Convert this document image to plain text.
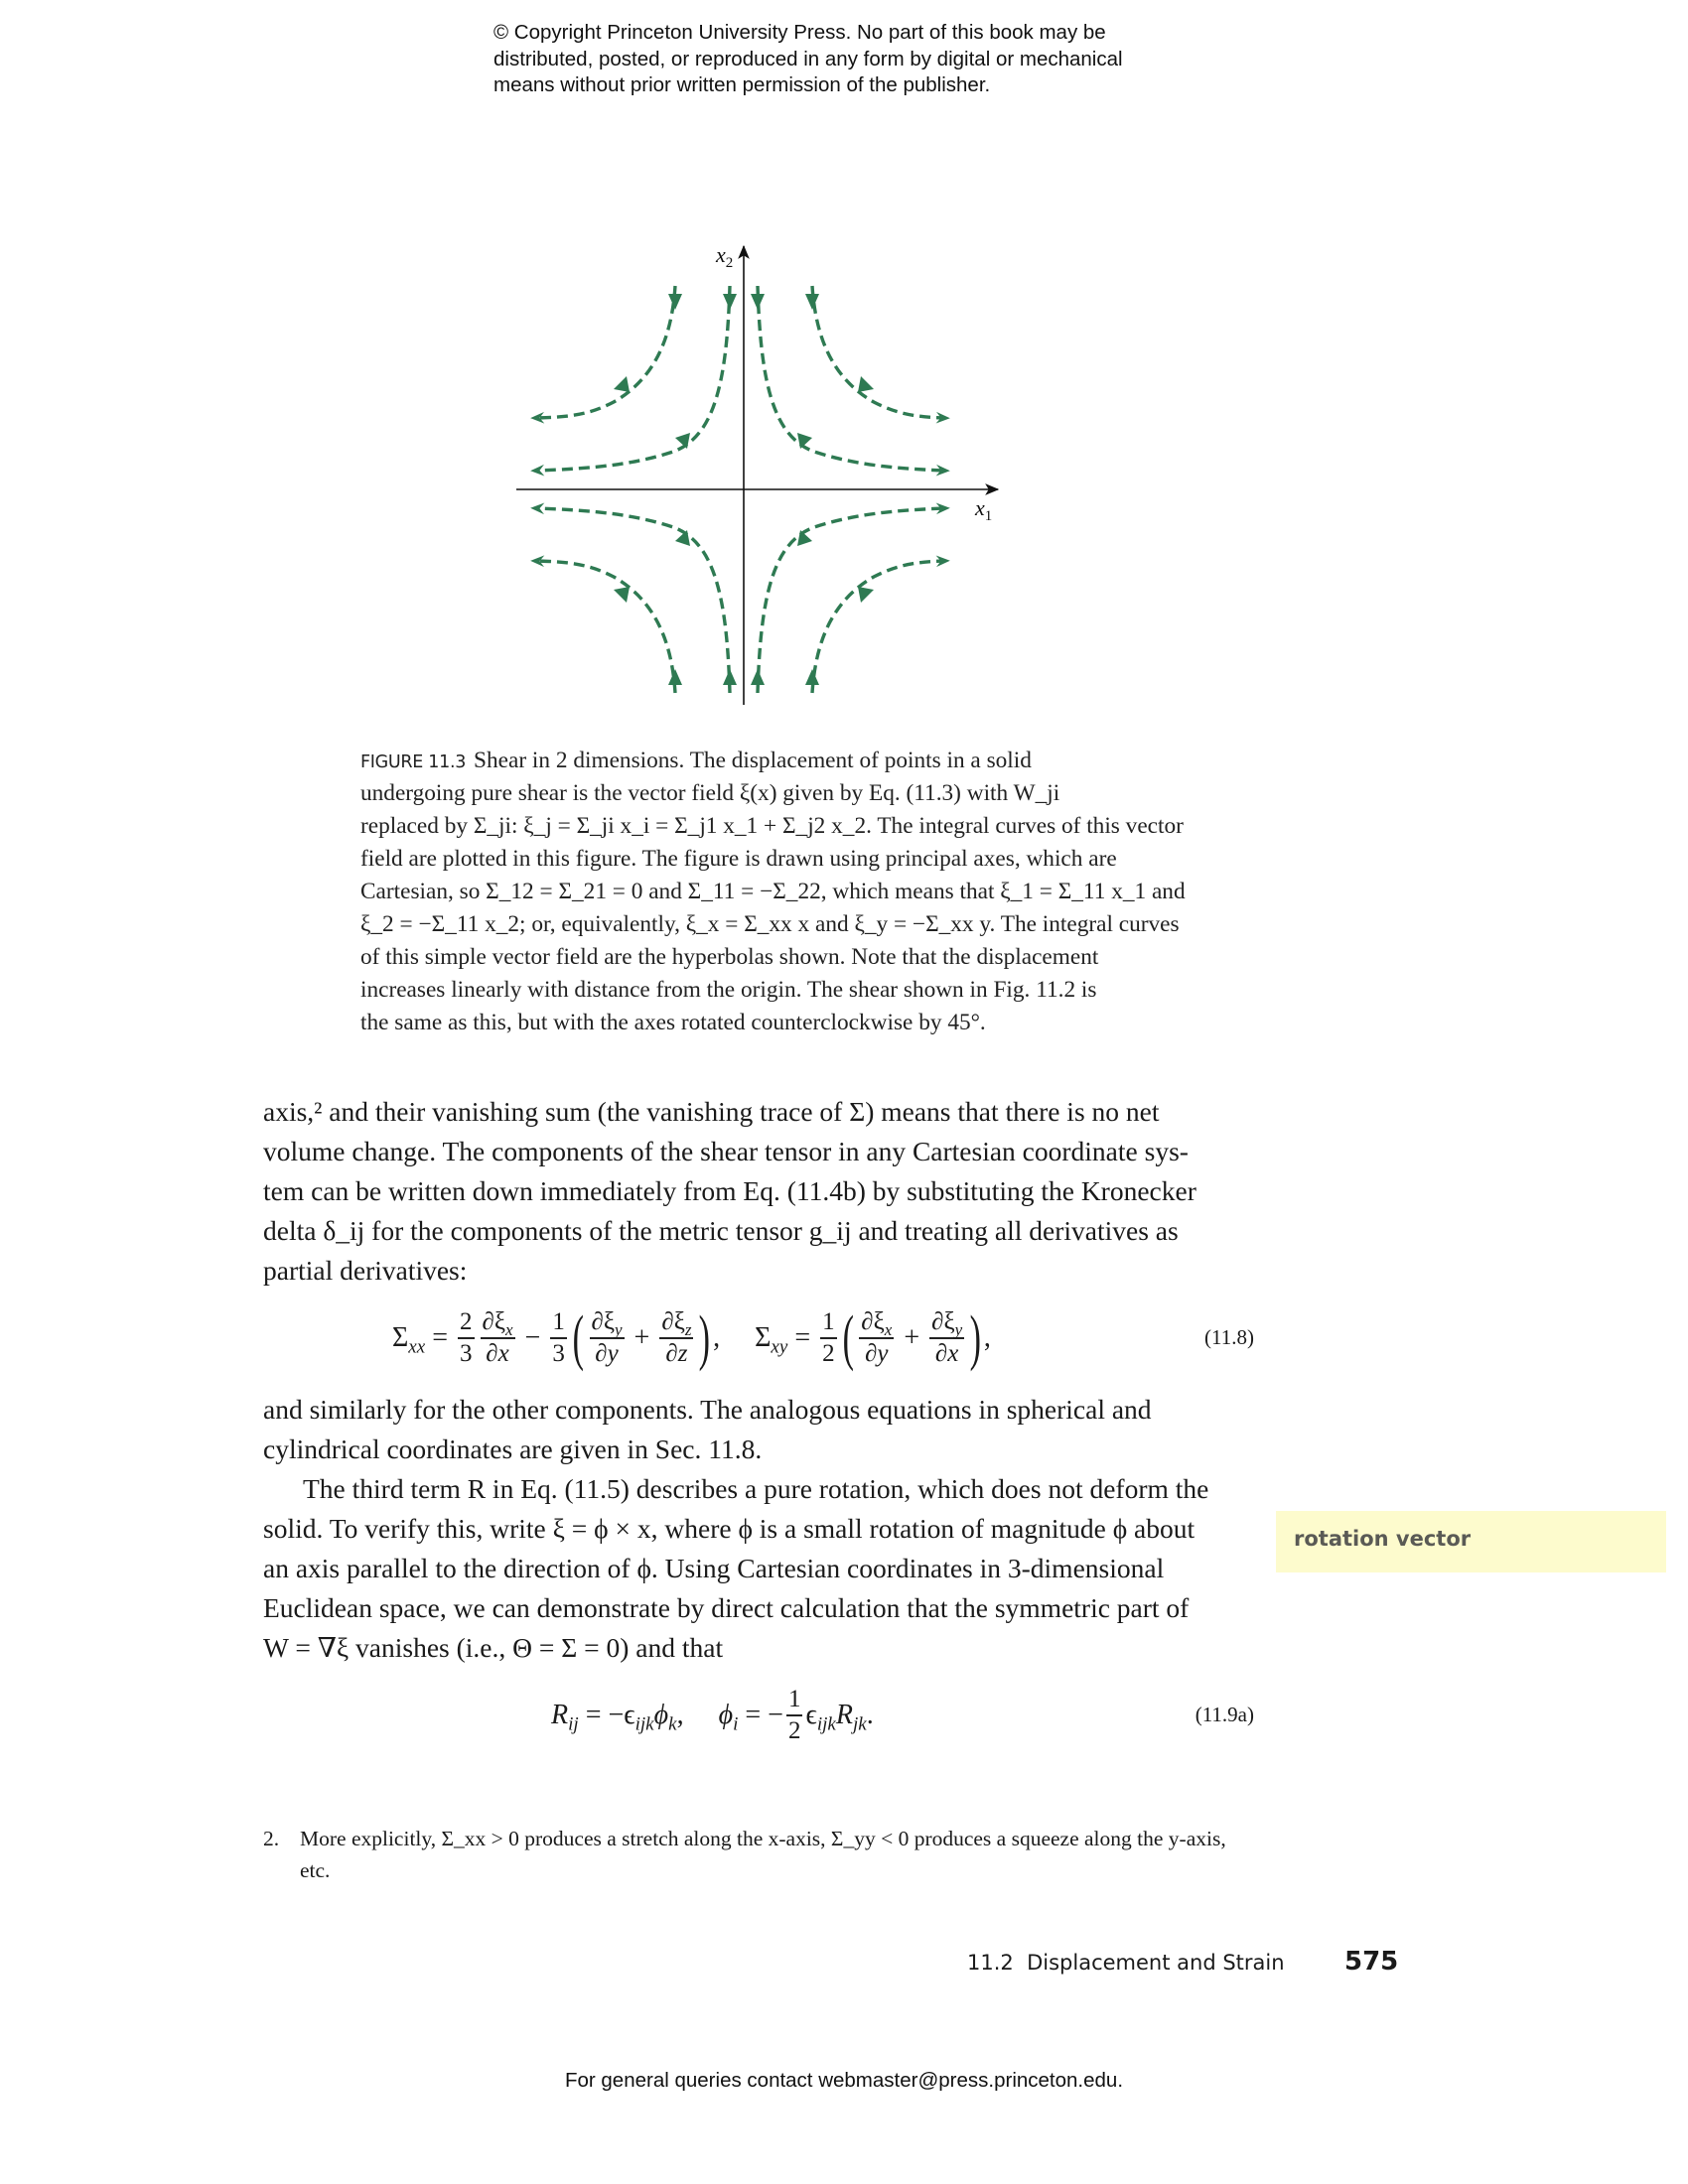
© Copyright Princeton University Press. No part of this book may be
distributed, posted, or reproduced in any form by digital or mechanical
means without prior written permission of the publisher.
$x_2$
$x_1$
FIGURE 11.3 Shear in 2 dimensions. The displacement of points in a solid
undergoing pure shear is the vector field ξ(x) given by Eq. (11.3) with W_ji
replaced by Σ_ji: ξ_j = Σ_ji x_i = Σ_j1 x_1 + Σ_j2 x_2. The integral curves of this vector
field are plotted in this figure. The figure is drawn using principal axes, which are
Cartesian, so Σ_12 = Σ_21 = 0 and Σ_11 = −Σ_22, which means that ξ_1 = Σ_11 x_1 and
ξ_2 = −Σ_11 x_2; or, equivalently, ξ_x = Σ_xx x and ξ_y = −Σ_xx y. The integral curves
of this simple vector field are the hyperbolas shown. Note that the displacement
increases linearly with distance from the origin. The shear shown in Fig. 11.2 is
the same as this, but with the axes rotated counterclockwise by 45°.
axis,² and their vanishing sum (the vanishing trace of Σ) means that there is no net
volume change. The components of the shear tensor in any Cartesian coordinate sys-
tem can be written down immediately from Eq. (11.4b) by substituting the Kronecker
delta δ_ij for the components of the metric tensor g_ij and treating all derivatives as
partial derivatives:
$\Sigma_{xx} = \frac{2}{3} \frac{\partial\xi_x}{\partial x} - \frac{1}{3}$ ( $\frac{\partial\xi_y}{\partial y} + \frac{\partial\xi_z}{\partial z}$ ) ,     $\Sigma_{xy} = \frac{1}{2}$ ( $\frac{\partial\xi_x}{\partial y} + \frac{\partial\xi_y}{\partial x}$ ) ,	(11.8)
and similarly for the other components. The analogous equations in spherical and
cylindrical coordinates are given in Sec. 11.8.
The third term R in Eq. (11.5) describes a pure rotation, which does not deform the
solid. To verify this, write ξ = ϕ × x, where ϕ is a small rotation of magnitude ϕ about
an axis parallel to the direction of ϕ. Using Cartesian coordinates in 3-dimensional
Euclidean space, we can demonstrate by direct calculation that the symmetric part of
W = ∇ξ vanishes (i.e., Θ = Σ = 0) and that
rotation vector
$R_{ij} = -\epsilon_{ijk}\phi_k$,     $\phi_i$ = − $\frac{1}{2} \epsilon_{ijk}R_{jk}$.	(11.9a)
2. More explicitly, Σ_xx > 0 produces a stretch along the x-axis, Σ_yy < 0 produces a squeeze along the y-axis,
etc.
11.2  Displacement and Strain 575
For general queries contact webmaster@press.princeton.edu.
